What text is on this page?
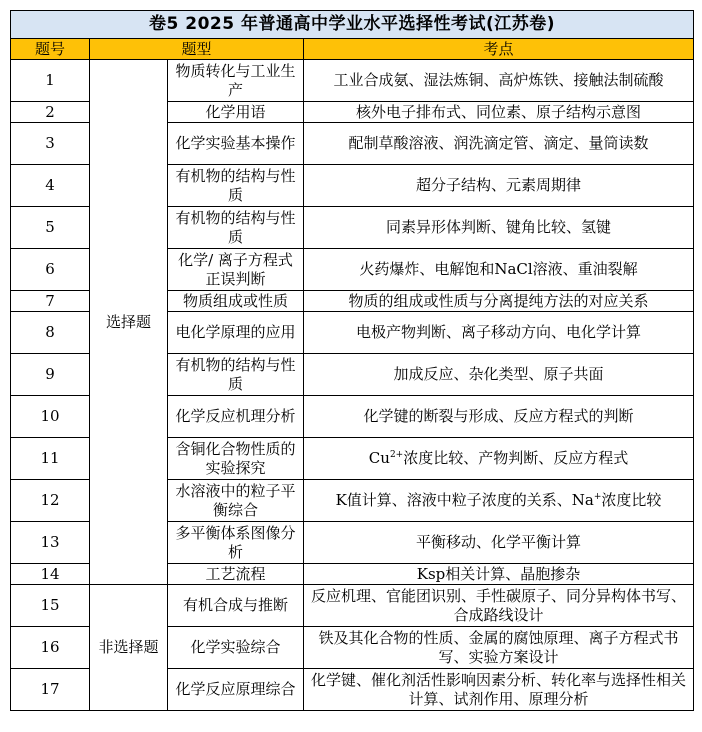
卷5 2025 年普通高中学业水平选择性考试(江苏卷)			
题号	题型		考点
1	选择题	物质转化与工业生产	工业合成氨、湿法炼铜、高炉炼铁、接触法制硫酸
2		化学用语	核外电子排布式、同位素、原子结构示意图
3		化学实验基本操作	配制草酸溶液、润洗滴定管、滴定、量筒读数
4		有机物的结构与性质	超分子结构、元素周期律
5		有机物的结构与性质	同素异形体判断、键角比较、氢键
6		化学/ 离子方程式正误判断	火药爆炸、电解饱和NaCl溶液、重油裂解
7		物质组成或性质	物质的组成或性质与分离提纯方法的对应关系
8		电化学原理的应用	电极产物判断、离子移动方向、电化学计算
9		有机物的结构与性质	加成反应、杂化类型、原子共面
10		化学反应机理分析	化学键的断裂与形成、反应方程式的判断
11		含铜化合物性质的实验探究	$Cu^{2+}$浓度比较、产物判断、反应方程式
12		水溶液中的粒子平衡综合	K值计算、溶液中粒子浓度的关系、Na+浓度比较
13		多平衡体系图像分析	平衡移动、化学平衡计算
14		工艺流程	Ksp相关计算、晶胞掺杂
15	非选择题	有机合成与推断	反应机理、官能团识别、手性碳原子、同分异构体书写、合成路线设计
16		化学实验综合	铁及其化合物的性质、金属的腐蚀原理、离子方程式书写、实验方案设计
17		化学反应原理综合	化学键、催化剂活性影响因素分析、转化率与选择性相关计算、试剂作用、原理分析
